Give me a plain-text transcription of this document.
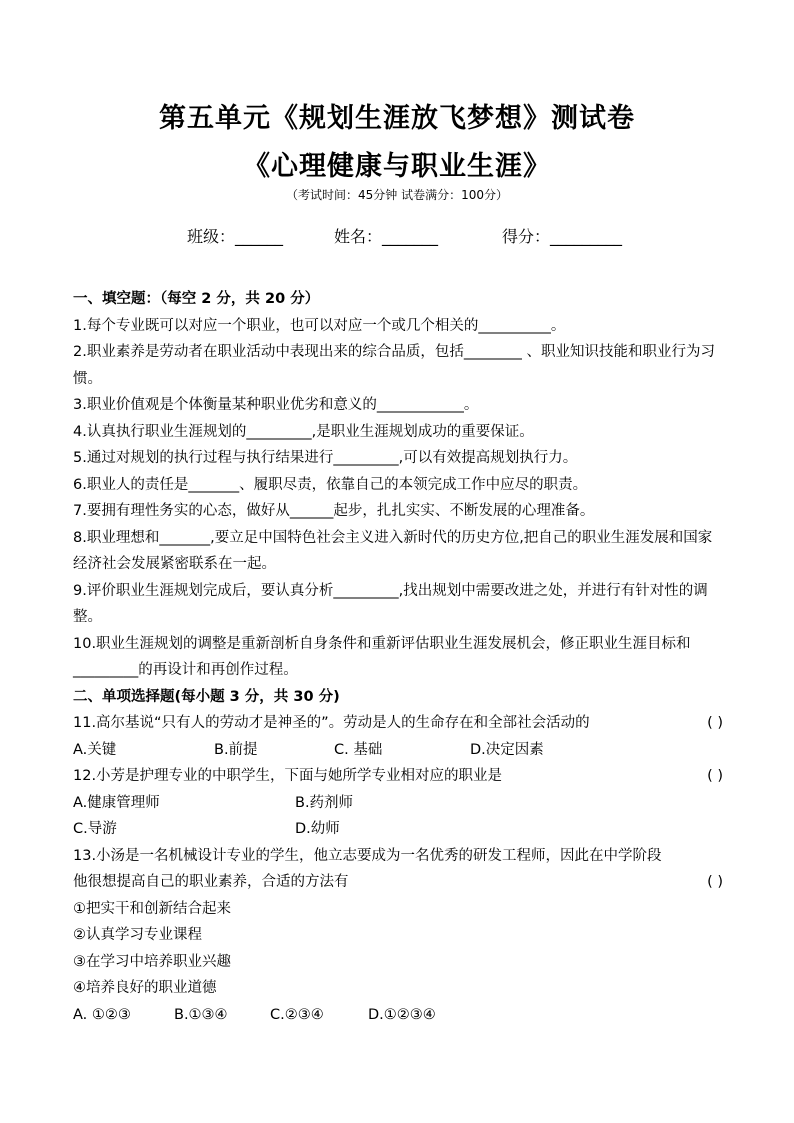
第五单元《规划生涯放飞梦想》测试卷
《心理健康与职业生涯》
（考试时间：45分钟 试卷满分：100分）
班级：______	姓名：_______	得分：_________
一、填空题：（每空 2 分，共 20 分）
1.每个专业既可以对应一个职业，也可以对应一个或几个相关的__________。
2.职业素养是劳动者在职业活动中表现出来的综合品质，包括________ 、职业知识技能和职业行为习惯。
3.职业价值观是个体衡量某种职业优劣和意义的____________。
4.认真执行职业生涯规划的_________,是职业生涯规划成功的重要保证。
5.通过对规划的执行过程与执行结果进行_________,可以有效提高规划执行力。
6.职业人的责任是_______、履职尽责，依靠自己的本领完成工作中应尽的职责。
7.要拥有理性务实的心态，做好从______起步，扎扎实实、不断发展的心理准备。
8.职业理想和_______,要立足中国特色社会主义进入新时代的历史方位,把自己的职业生涯发展和国家经济社会发展紧密联系在一起。
9.评价职业生涯规划完成后，要认真分析_________,找出规划中需要改进之处，并进行有针对性的调整。
10.职业生涯规划的调整是重新剖析自身条件和重新评估职业生涯发展机会，修正职业生涯目标和_________的再设计和再创作过程。
二、单项选择题(每小题 3 分，共 30 分)
11.高尔基说“只有人的劳动才是神圣的”。劳动是人的生命存在和全部社会活动的	( )
A.关键	B.前提	C. 基础	D.决定因素
12.小芳是护理专业的中职学生，下面与她所学专业相对应的职业是	( )
A.健康管理师	B.药剂师
C.导游	D.幼师
13.小汤是一名机械设计专业的学生，他立志要成为一名优秀的研发工程师，因此在中学阶段
他很想提高自己的职业素养，合适的方法有	( )
①把实干和创新结合起来
②认真学习专业课程
③在学习中培养职业兴趣
④培养良好的职业道德
A. ①②③	B.①③④	C.②③④	D.①②③④
